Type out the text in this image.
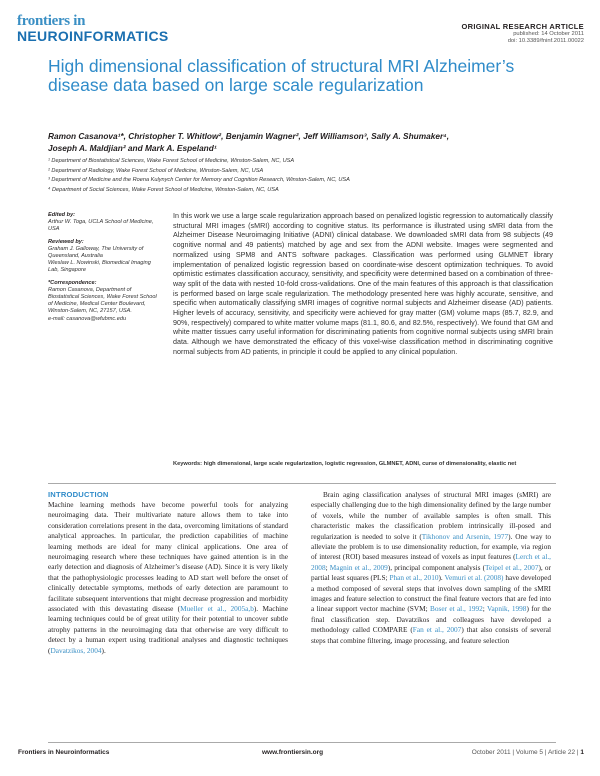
frontiers in
NEUROINFORMATICS
ORIGINAL RESEARCH ARTICLE
published: 14 October 2011
doi: 10.3389/fninf.2011.00022
High dimensional classification of structural MRI Alzheimer’s disease data based on large scale regularization
Ramon Casanova¹*, Christopher T. Whitlow², Benjamin Wagner², Jeff Williamson³, Sally A. Shumaker⁴,
Joseph A. Maldjian² and Mark A. Espeland¹
¹ Department of Biostatistical Sciences, Wake Forest School of Medicine, Winston-Salem, NC, USA
² Department of Radiology, Wake Forest School of Medicine, Winston-Salem, NC, USA
³ Department of Medicine and the Roena Kulynych Center for Memory and Cognition Research, Winston-Salem, NC, USA
⁴ Department of Social Sciences, Wake Forest School of Medicine, Winston-Salem, NC, USA
Edited by:
Arthur W. Toga, UCLA School of Medicine, USA
Reviewed by:
Graham J. Galloway, The University of Queensland, Australia
Wieslaw L. Nowinski, Biomedical Imaging Lab, Singapore
*Correspondence:
Ramon Casanova, Department of Biostatistical Sciences, Wake Forest School of Medicine, Medical Center Boulevard, Winston-Salem, NC, 27157, USA.
e-mail: casanova@wfubmc.edu
In this work we use a large scale regularization approach based on penalized logistic regression to automatically classify structural MRI images (sMRI) according to cognitive status. Its performance is illustrated using sMRI data from the Alzheimer Disease Neuroimaging Initiative (ADNI) clinical database. We downloaded sMRI data from 98 subjects (49 cognitive normal and 49 patients) matched by age and sex from the ADNI website. Images were segmented and normalized using SPM8 and ANTS software packages. Classification was performed using GLMNET library implementation of penalized logistic regression based on coordinate-wise descent optimization techniques. To avoid optimistic estimates classification accuracy, sensitivity, and specificity were determined based on a combination of three-way split of the data with nested 10-fold cross-validations. One of the main features of this approach is that classification is performed based on large scale regularization. The methodology presented here was highly accurate, sensitive, and specific when automatically classifying sMRI images of cognitive normal subjects and Alzheimer disease (AD) patients. Higher levels of accuracy, sensitivity, and specificity were achieved for gray matter (GM) volume maps (85.7, 82.9, and 90%, respectively) compared to white matter volume maps (81.1, 80.6, and 82.5%, respectively). We found that GM and white matter tissues carry useful information for discriminating patients from cognitive normal subjects using sMRI brain data. Although we have demonstrated the efficacy of this voxel-wise classification method in discriminating cognitive normal subjects from AD patients, in principle it could be applied to any clinical population.
Keywords: high dimensional, large scale regularization, logistic regression, GLMNET, ADNI, curse of dimensionality, elastic net
INTRODUCTION
Machine learning methods have become powerful tools for analyzing neuroimaging data. Their multivariate nature allows them to take into consideration correlations present in the data, overcoming limitations of standard analytical approaches. In particular, the prediction capabilities of machine learning methods are ideal for many clinical applications. One area of neuroimaging research where these techniques have gained attention is in the early detection and diagnosis of Alzheimer’s disease (AD). Since it is very likely that the pathophysiologic processes leading to AD start well before the onset of clinically detectable symptoms, methods of early detection are paramount to facilitate subsequent interventions that might decrease progression and morbidity associated with this devastating disease (Mueller et al., 2005a,b). Machine learning techniques could be of great utility for their potential to uncover subtle atrophy patterns in the neuroimaging data that otherwise are very difficult to detect by a human expert using traditional analyses and diagnostic techniques (Davatzikos, 2004).
Brain aging classification analyses of structural MRI images (sMRI) are especially challenging due to the high dimensionality defined by the large number of voxels, while the number of available samples is often small. This characteristic makes the classification problem intrinsically ill-posed and regularization is needed to solve it (Tikhonov and Arsenin, 1977). One way to alleviate the problem is to use dimensionality reduction, for example, via region of interest (ROI) based measures instead of voxels as input features (Lerch et al., 2008; Magnin et al., 2009), principal component analysis (Teipel et al., 2007), or partial least squares (PLS; Phan et al., 2010). Vemuri et al. (2008) have developed a method composed of several steps that involves down sampling of the sMRI images and feature selection to construct the final feature vectors that are fed into a linear support vector machine (SVM; Boser et al., 1992; Vapnik, 1998) for the final classification step. Davatzikos and colleagues have developed a methodology called COMPARE (Fan et al., 2007) that also consists of several steps that combine filtering, image processing, and feature selection
Frontiers in Neuroinformatics	www.frontiersin.org	October 2011 | Volume 5 | Article 22 | 1
